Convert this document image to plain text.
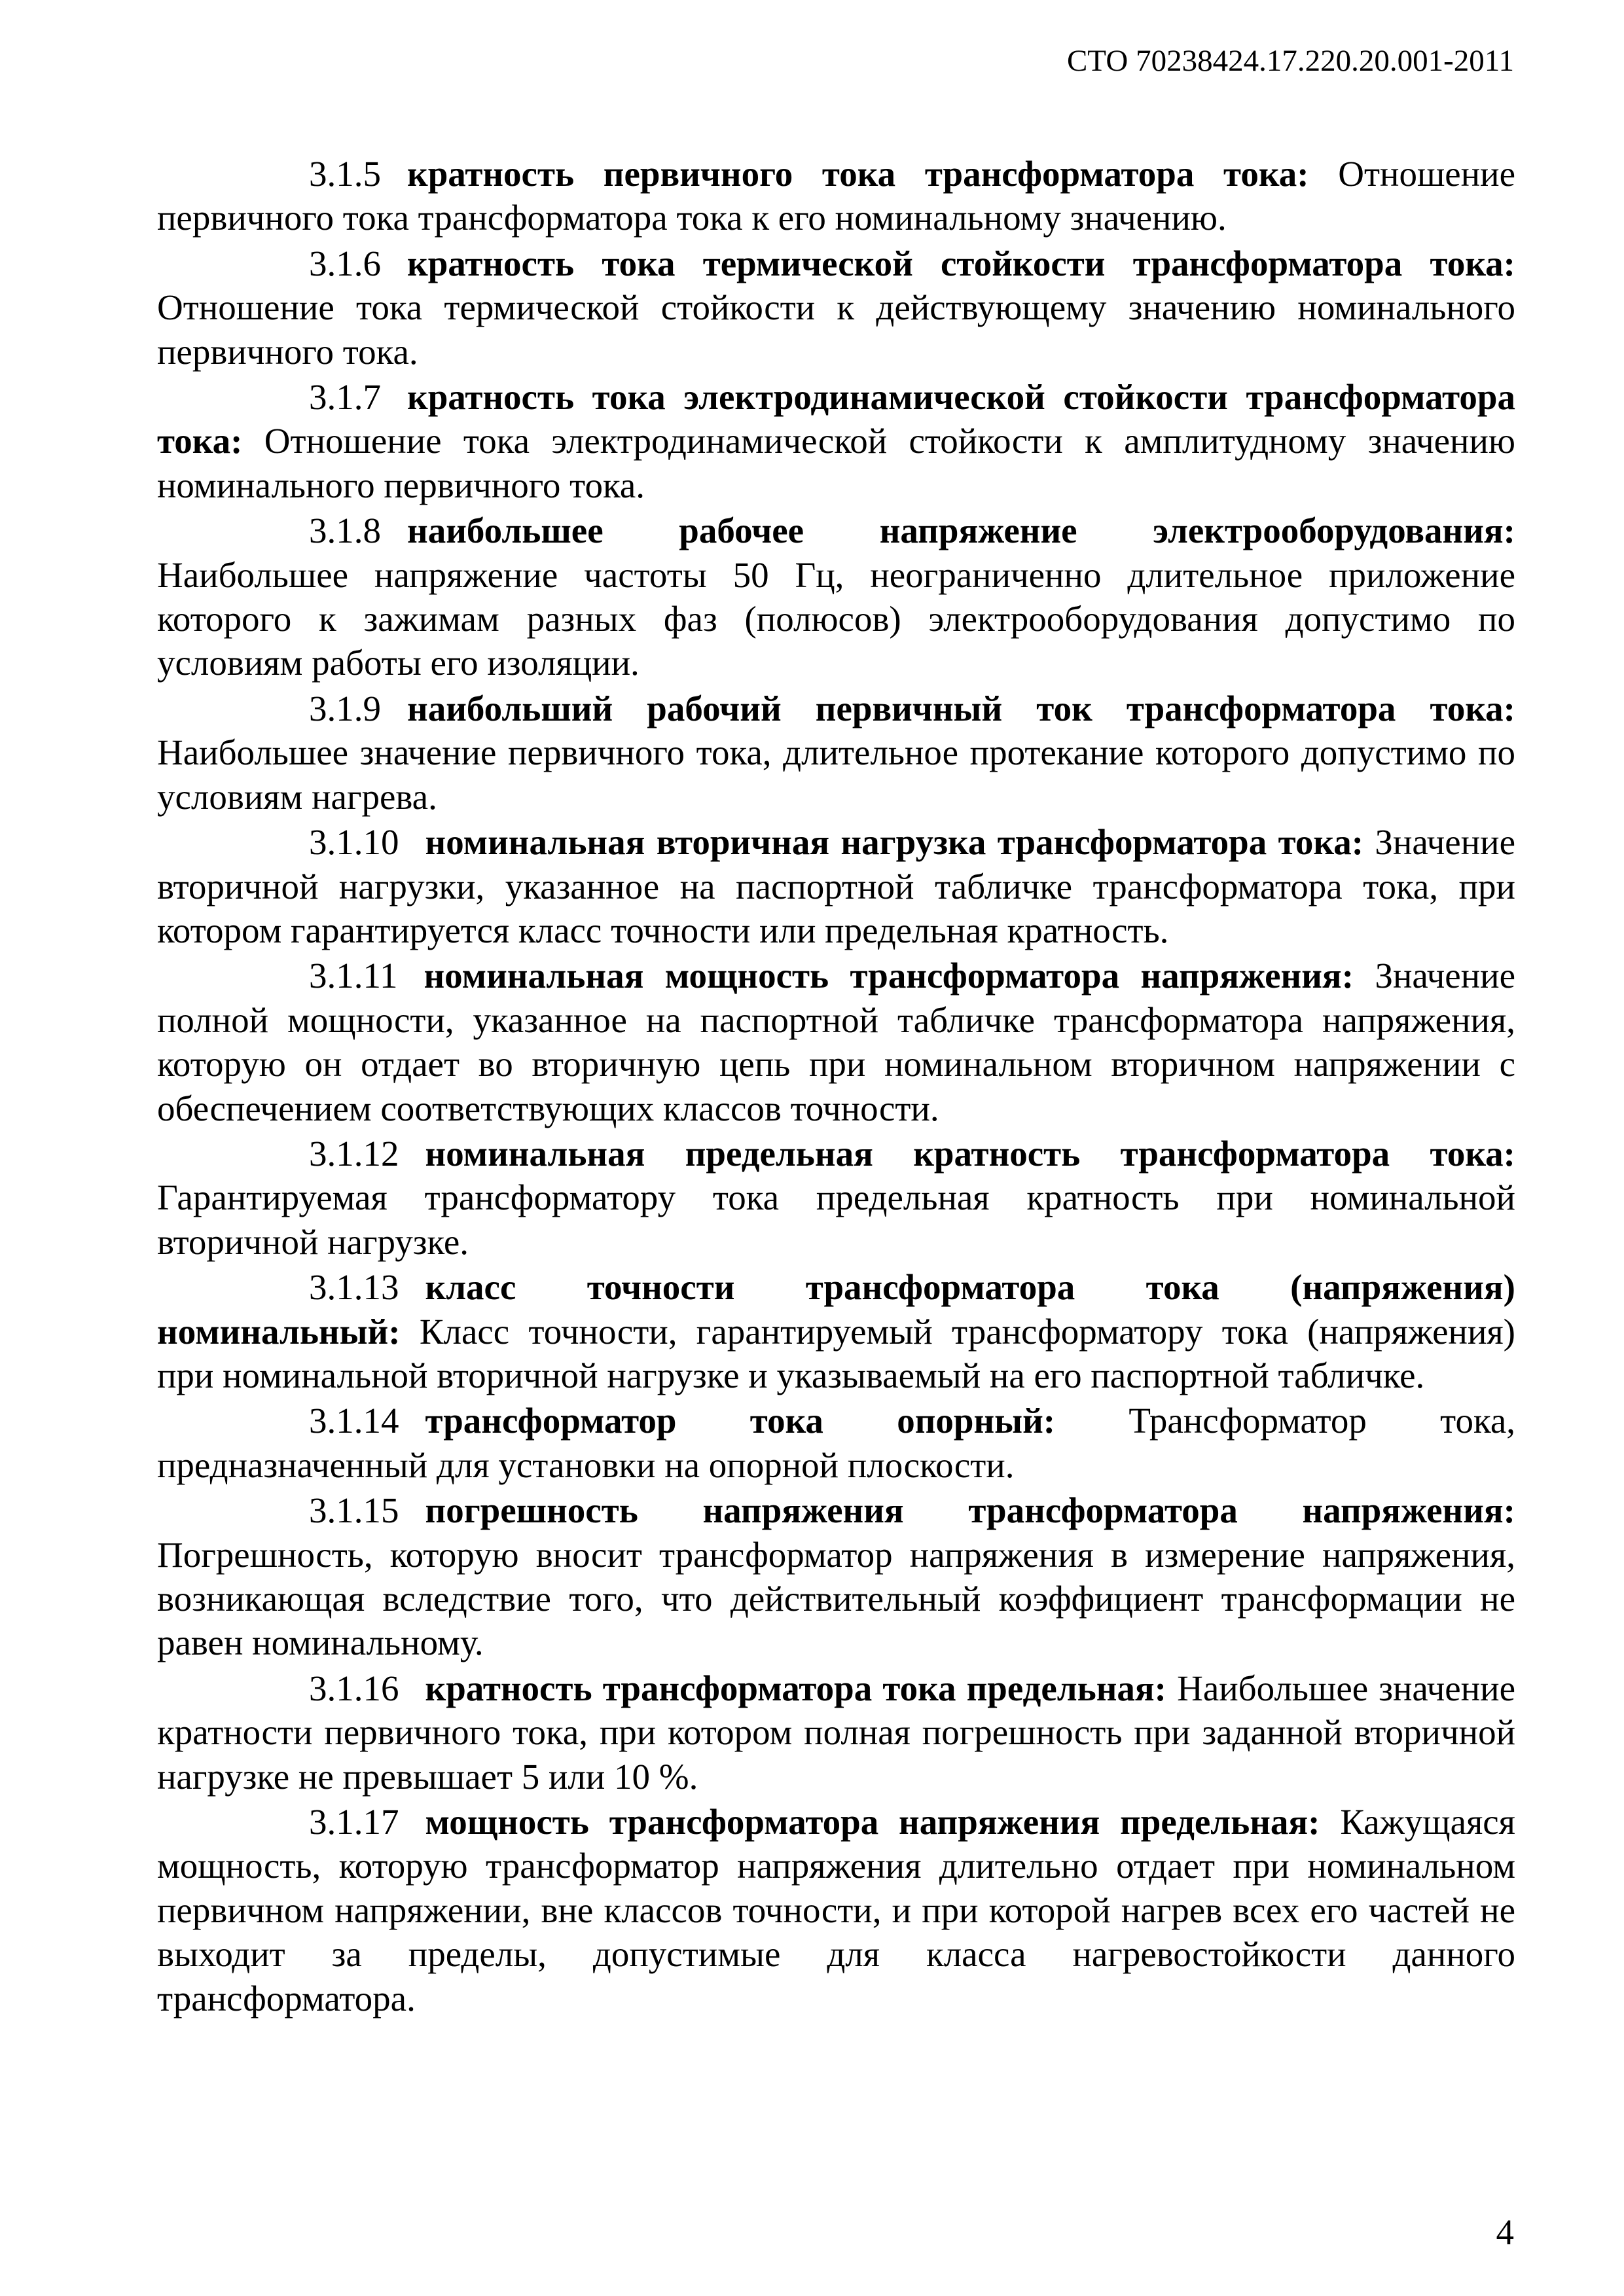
СТО 70238424.17.220.20.001-2011

3.1.5 кратность первичного тока трансформатора тока: Отношение первичного тока трансформатора тока к его номинальному значению.

3.1.6 кратность тока термической стойкости трансформатора тока: Отношение тока термической стойкости к действующему значению номинального первичного тока.

3.1.7 кратность тока электродинамической стойкости трансформатора тока: Отношение тока электродинамической стойкости к амплитудному значению номинального первичного тока.

3.1.8 наибольшее рабочее напряжение электрооборудования: Наибольшее напряжение частоты 50 Гц, неограниченно длительное приложение которого к зажимам разных фаз (полюсов) электрооборудования допустимо по условиям работы его изоляции.

3.1.9 наибольший рабочий первичный ток трансформатора тока: Наибольшее значение первичного тока, длительное протекание которого допустимо по условиям нагрева.

3.1.10 номинальная вторичная нагрузка трансформатора тока: Значение вторичной нагрузки, указанное на паспортной табличке трансформатора тока, при котором гарантируется класс точности или предельная кратность.

3.1.11 номинальная мощность трансформатора напряжения: Значение полной мощности, указанное на паспортной табличке трансформатора напряжения, которую он отдает во вторичную цепь при номинальном вторичном напряжении с обеспечением соответствующих классов точности.

3.1.12 номинальная предельная кратность трансформатора тока: Гарантируемая трансформатору тока предельная кратность при номинальной вторичной нагрузке.

3.1.13 класс точности трансформатора тока (напряжения) номинальный: Класс точности, гарантируемый трансформатору тока (напряжения) при номинальной вторичной нагрузке и указываемый на его паспортной табличке.

3.1.14 трансформатор тока опорный: Трансформатор тока, предназначенный для установки на опорной плоскости.

3.1.15 погрешность напряжения трансформатора напряжения: Погрешность, которую вносит трансформатор напряжения в измерение напряжения, возникающая вследствие того, что действительный коэффициент трансформации не равен номинальному.

3.1.16 кратность трансформатора тока предельная: Наибольшее значение кратности первичного тока, при котором полная погрешность при заданной вторичной нагрузке не превышает 5 или 10 %.

3.1.17 мощность трансформатора напряжения предельная: Кажущаяся мощность, которую трансформатор напряжения длительно отдает при номинальном первичном напряжении, вне классов точности, и при которой нагрев всех его частей не выходит за пределы, допустимые для класса нагревостойкости данного трансформатора.

4
